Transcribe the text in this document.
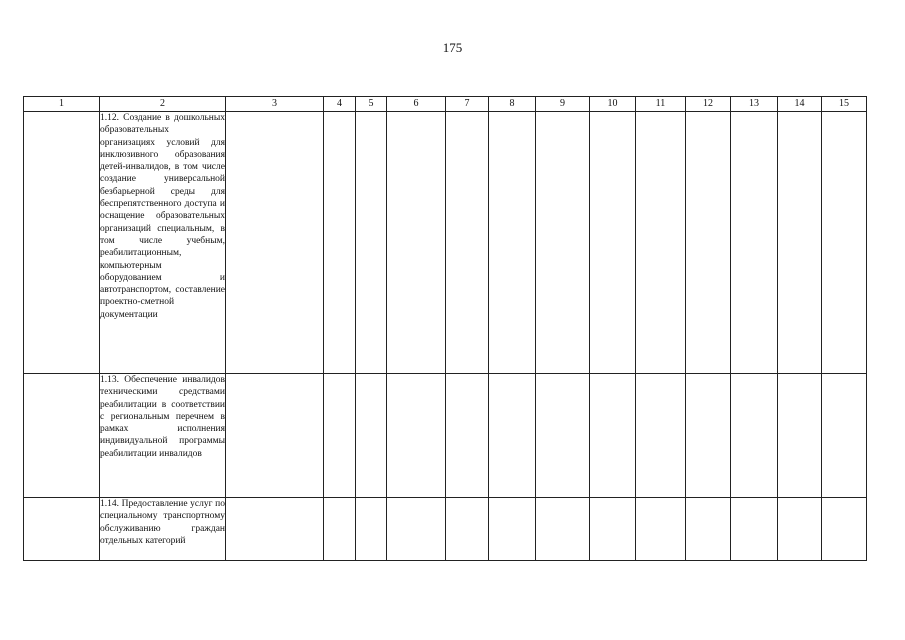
175
1	2	3	4	5	6	7	8	9	10	11	12	13	14	15

	1.12. Создание в дошкольных образовательных организациях условий для инклюзивного образования детей-инвалидов, в том числе создание универсальной безбарьерной среды для беспрепятственного доступа и оснащение образовательных организаций специальным, в том числе учебным, реабилитационным, компьютерным оборудованием и автотранспортом, составление проектно-сметной документации													

	1.13. Обеспечение инвалидов техническими средствами реабилитации в соответствии с региональным перечнем в рамках исполнения индивидуальной программы реабилитации инвалидов													

	1.14. Предоставление услуг по специальному транспортному обслуживанию граждан отдельных категорий													
